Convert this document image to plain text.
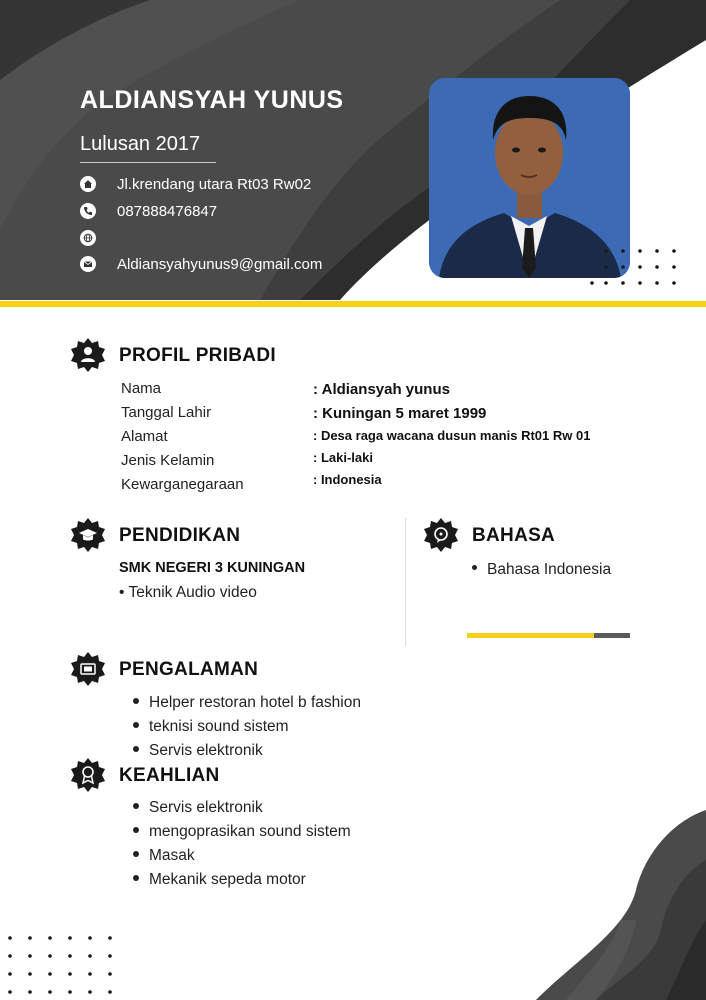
ALDIANSYAH YUNUS
Lulusan 2017
Jl.krendang utara Rt03 Rw02
087888476847
Aldiansyahyunus9@gmail.com
PROFIL PRIBADI
Nama
Tanggal Lahir
Alamat
Jenis Kelamin
Kewarganegaraan
: Aldiansyah yunus
: Kuningan 5 maret 1999
: Desa raga wacana dusun manis Rt01 Rw 01
: Laki-laki
: Indonesia
PENDIDIKAN
SMK NEGERI 3 KUNINGAN
• Teknik Audio video
BAHASA
Bahasa Indonesia
PENGALAMAN
Helper restoran hotel b fashion
teknisi sound sistem
Servis elektronik
KEAHLIAN
Servis elektronik
mengoprasikan sound sistem
Masak
Mekanik sepeda motor
